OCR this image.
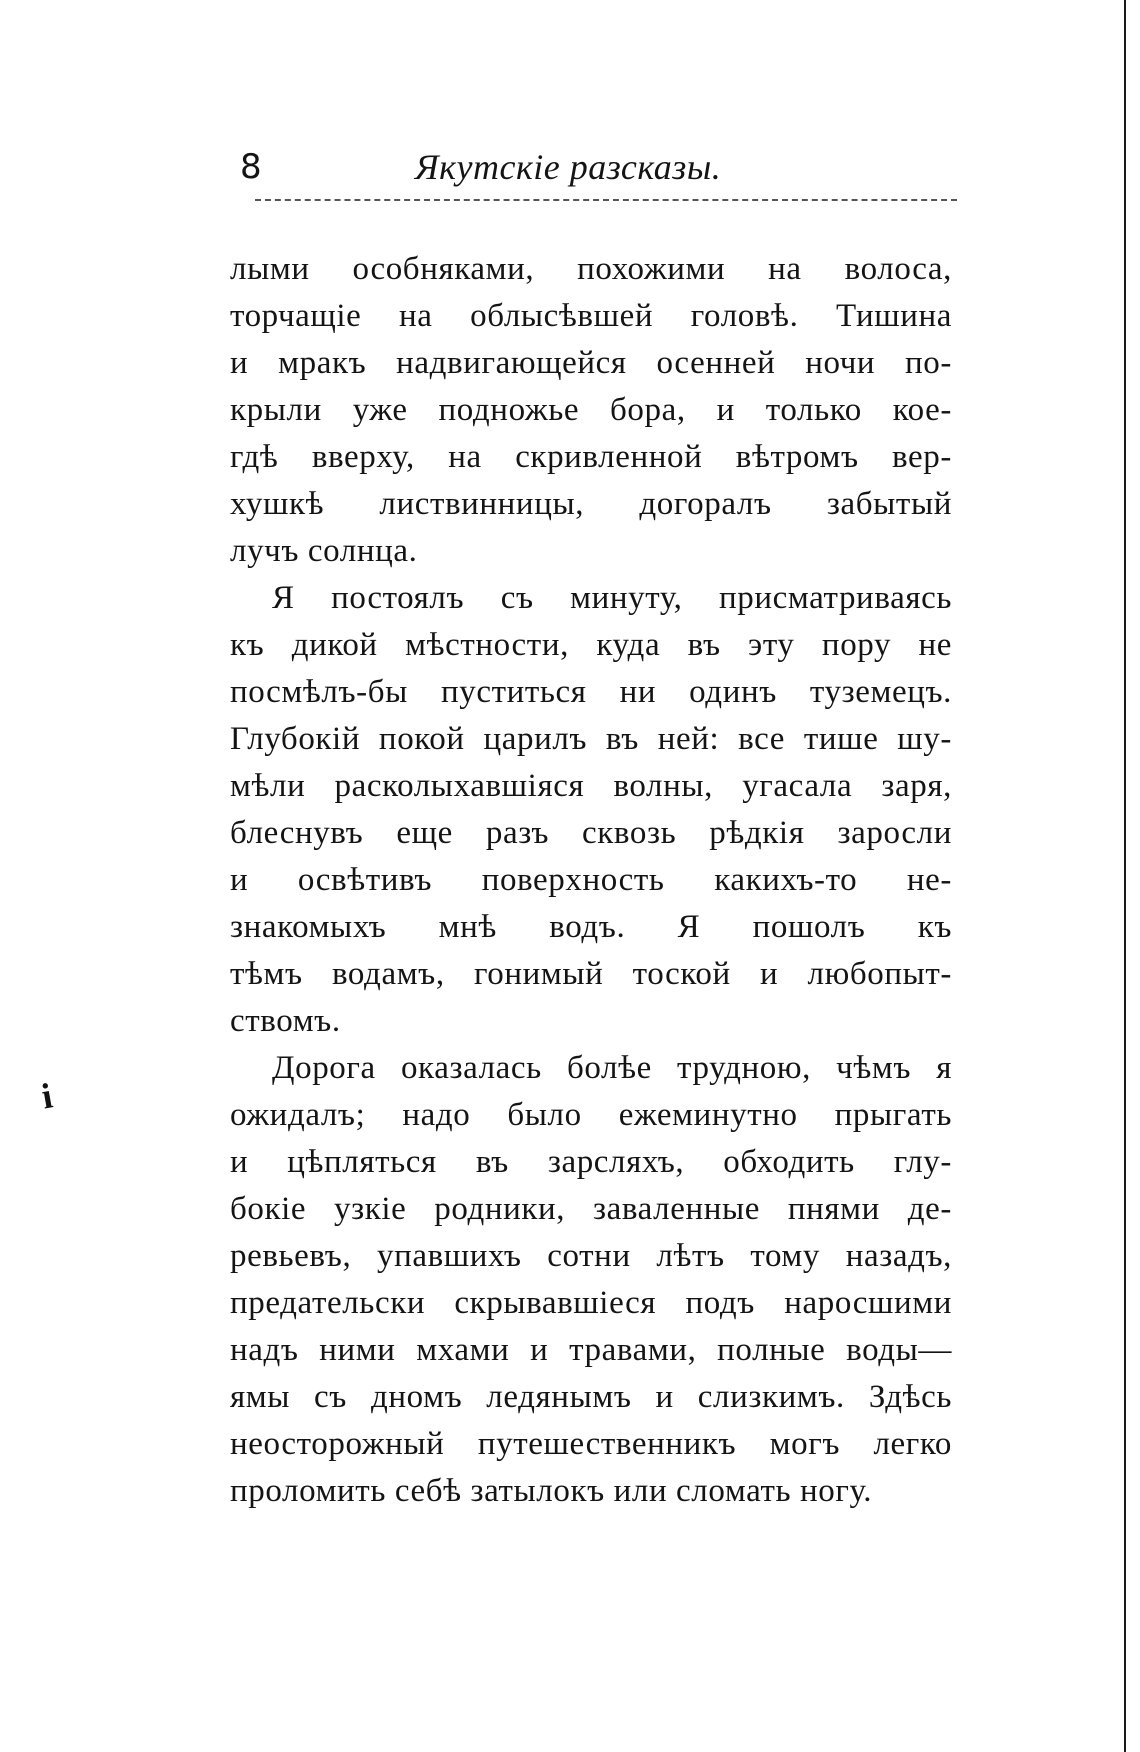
8	Якутскiе разсказы.
i
лыми особняками, похожими на волоса,
торчащiе на облысѣвшей головѣ. Тишина
и мракъ надвигающейся осенней ночи по-
крыли уже подножье бора, и только кое-
гдѣ вверху, на скривленной вѣтромъ вер-
хушкѣ листвинницы, догоралъ забытый
лучъ солнца.
Я постоялъ съ минуту, присматриваясь
къ дикой мѣстности, куда въ эту пору не
посмѣлъ-бы пуститься ни одинъ туземецъ.
Глубокiй покой царилъ въ ней: все тише шу-
мѣли расколыхавшiяся волны, угасала заря,
блеснувъ еще разъ сквозь рѣдкiя заросли
и освѣтивъ поверхность какихъ-то не-
знакомыхъ мнѣ водъ. Я пошолъ къ
тѣмъ водамъ, гонимый тоской и любопыт-
ствомъ.
Дорога оказалась болѣе трудною, чѣмъ я
ожидалъ; надо было ежеминутно прыгать
и цѣпляться въ зарсляхъ, обходить глу-
бокiе узкiе родники, заваленные пнями де-
ревьевъ, упавшихъ сотни лѣтъ тому назадъ,
предательски скрывавшiеся подъ наросшими
надъ ними мхами и травами, полные воды—
ямы съ дномъ ледянымъ и слизкимъ. Здѣсь
неосторожный путешественникъ могъ легко
проломить себѣ затылокъ или сломать ногу.
